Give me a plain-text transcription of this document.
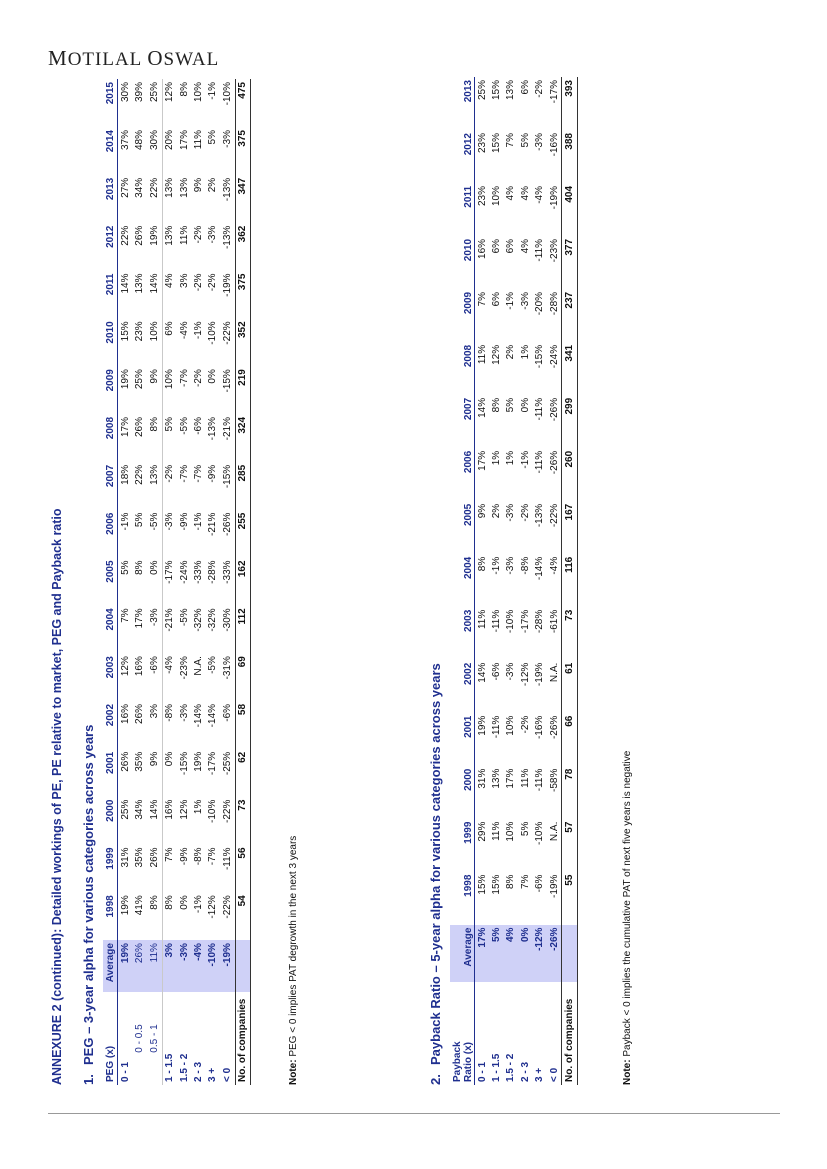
MOTILAL OSWAL
ANNEXURE 2 (continued): Detailed workings of PE, PE relative to market, PEG and Payback ratio 1.PEG – 3-year alpha for various categories across years PEG (x)	Average	1998	1999	2000	2001	2002	2003	2004	2005	2006	2007	2008	2009	2010	2011	2012	2013	2014	2015
0 - 1	19%	19%	31%	25%	26%	16%	12%	7%	5%	-1%	18%	17%	19%	15%	14%	22%	27%	37%	30%
0 - 0.5	26%	41%	35%	34%	35%	26%	16%	17%	8%	5%	22%	26%	25%	23%	13%	26%	34%	48%	39%
0.5 - 1	11%	8%	26%	14%	9%	3%	-6%	-3%	0%	-5%	13%	8%	9%	10%	14%	19%	22%	30%	25%
1 - 1.5	3%	8%	7%	16%	0%	-8%	-4%	-21%	-17%	-3%	-2%	5%	10%	6%	4%	13%	13%	20%	12%
1.5 - 2	-3%	0%	-9%	12%	-15%	-3%	-23%	-5%	-24%	-9%	-7%	-5%	-7%	-4%	3%	11%	13%	17%	8%
2 - 3	-4%	-1%	-8%	1%	19%	-14%	N.A.	-32%	-33%	-1%	-7%	-6%	-2%	-1%	-2%	-2%	9%	11%	10%
3 +	-10%	-12%	-7%	-10%	-17%	-14%	-5%	-32%	-28%	-21%	-9%	-13%	0%	-10%	-2%	-3%	2%	5%	-1%
< 0	-19%	-22%	-11%	-22%	-25%	-6%	-31%	-30%	-33%	-26%	-15%	-21%	-15%	-22%	-19%	-13%	-13%	-3%	-10%
No. of companies		54	56	73	62	58	69	112	162	255	285	324	219	352	375	362	347	375	475
Note: PEG < 0 implies PAT degrowth in the next 3 years
2.Payback Ratio – 5-year alpha for various categories across years Payback Ratio (x)	Average	1998	1999	2000	2001	2002	2003	2004	2005	2006	2007	2008	2009	2010	2011	2012	2013
0 - 1	17%	15%	29%	31%	19%	14%	11%	8%	9%	17%	14%	11%	7%	16%	23%	23%	25%
1 - 1.5	5%	15%	11%	13%	-11%	-6%	-11%	-1%	2%	1%	8%	12%	6%	6%	10%	15%	15%
1.5 - 2	4%	8%	10%	17%	10%	-3%	-10%	-3%	-3%	1%	5%	2%	-1%	6%	4%	7%	13%
2 - 3	0%	7%	5%	11%	-2%	-12%	-17%	-8%	-2%	-1%	0%	1%	-3%	4%	4%	5%	6%
3 +	-12%	-6%	-10%	-11%	-16%	-19%	-28%	-14%	-13%	-11%	-11%	-15%	-20%	-11%	-4%	-3%	-2%
< 0	-26%	-19%	N.A.	-58%	-26%	N.A.	-61%	-4%	-22%	-26%	-26%	-24%	-28%	-23%	-19%	-16%	-17%
No. of companies		55	57	78	66	61	73	116	167	260	299	341	237	377	404	388	393
Note: Payback < 0 implies the cumulative PAT of next five years is negative
